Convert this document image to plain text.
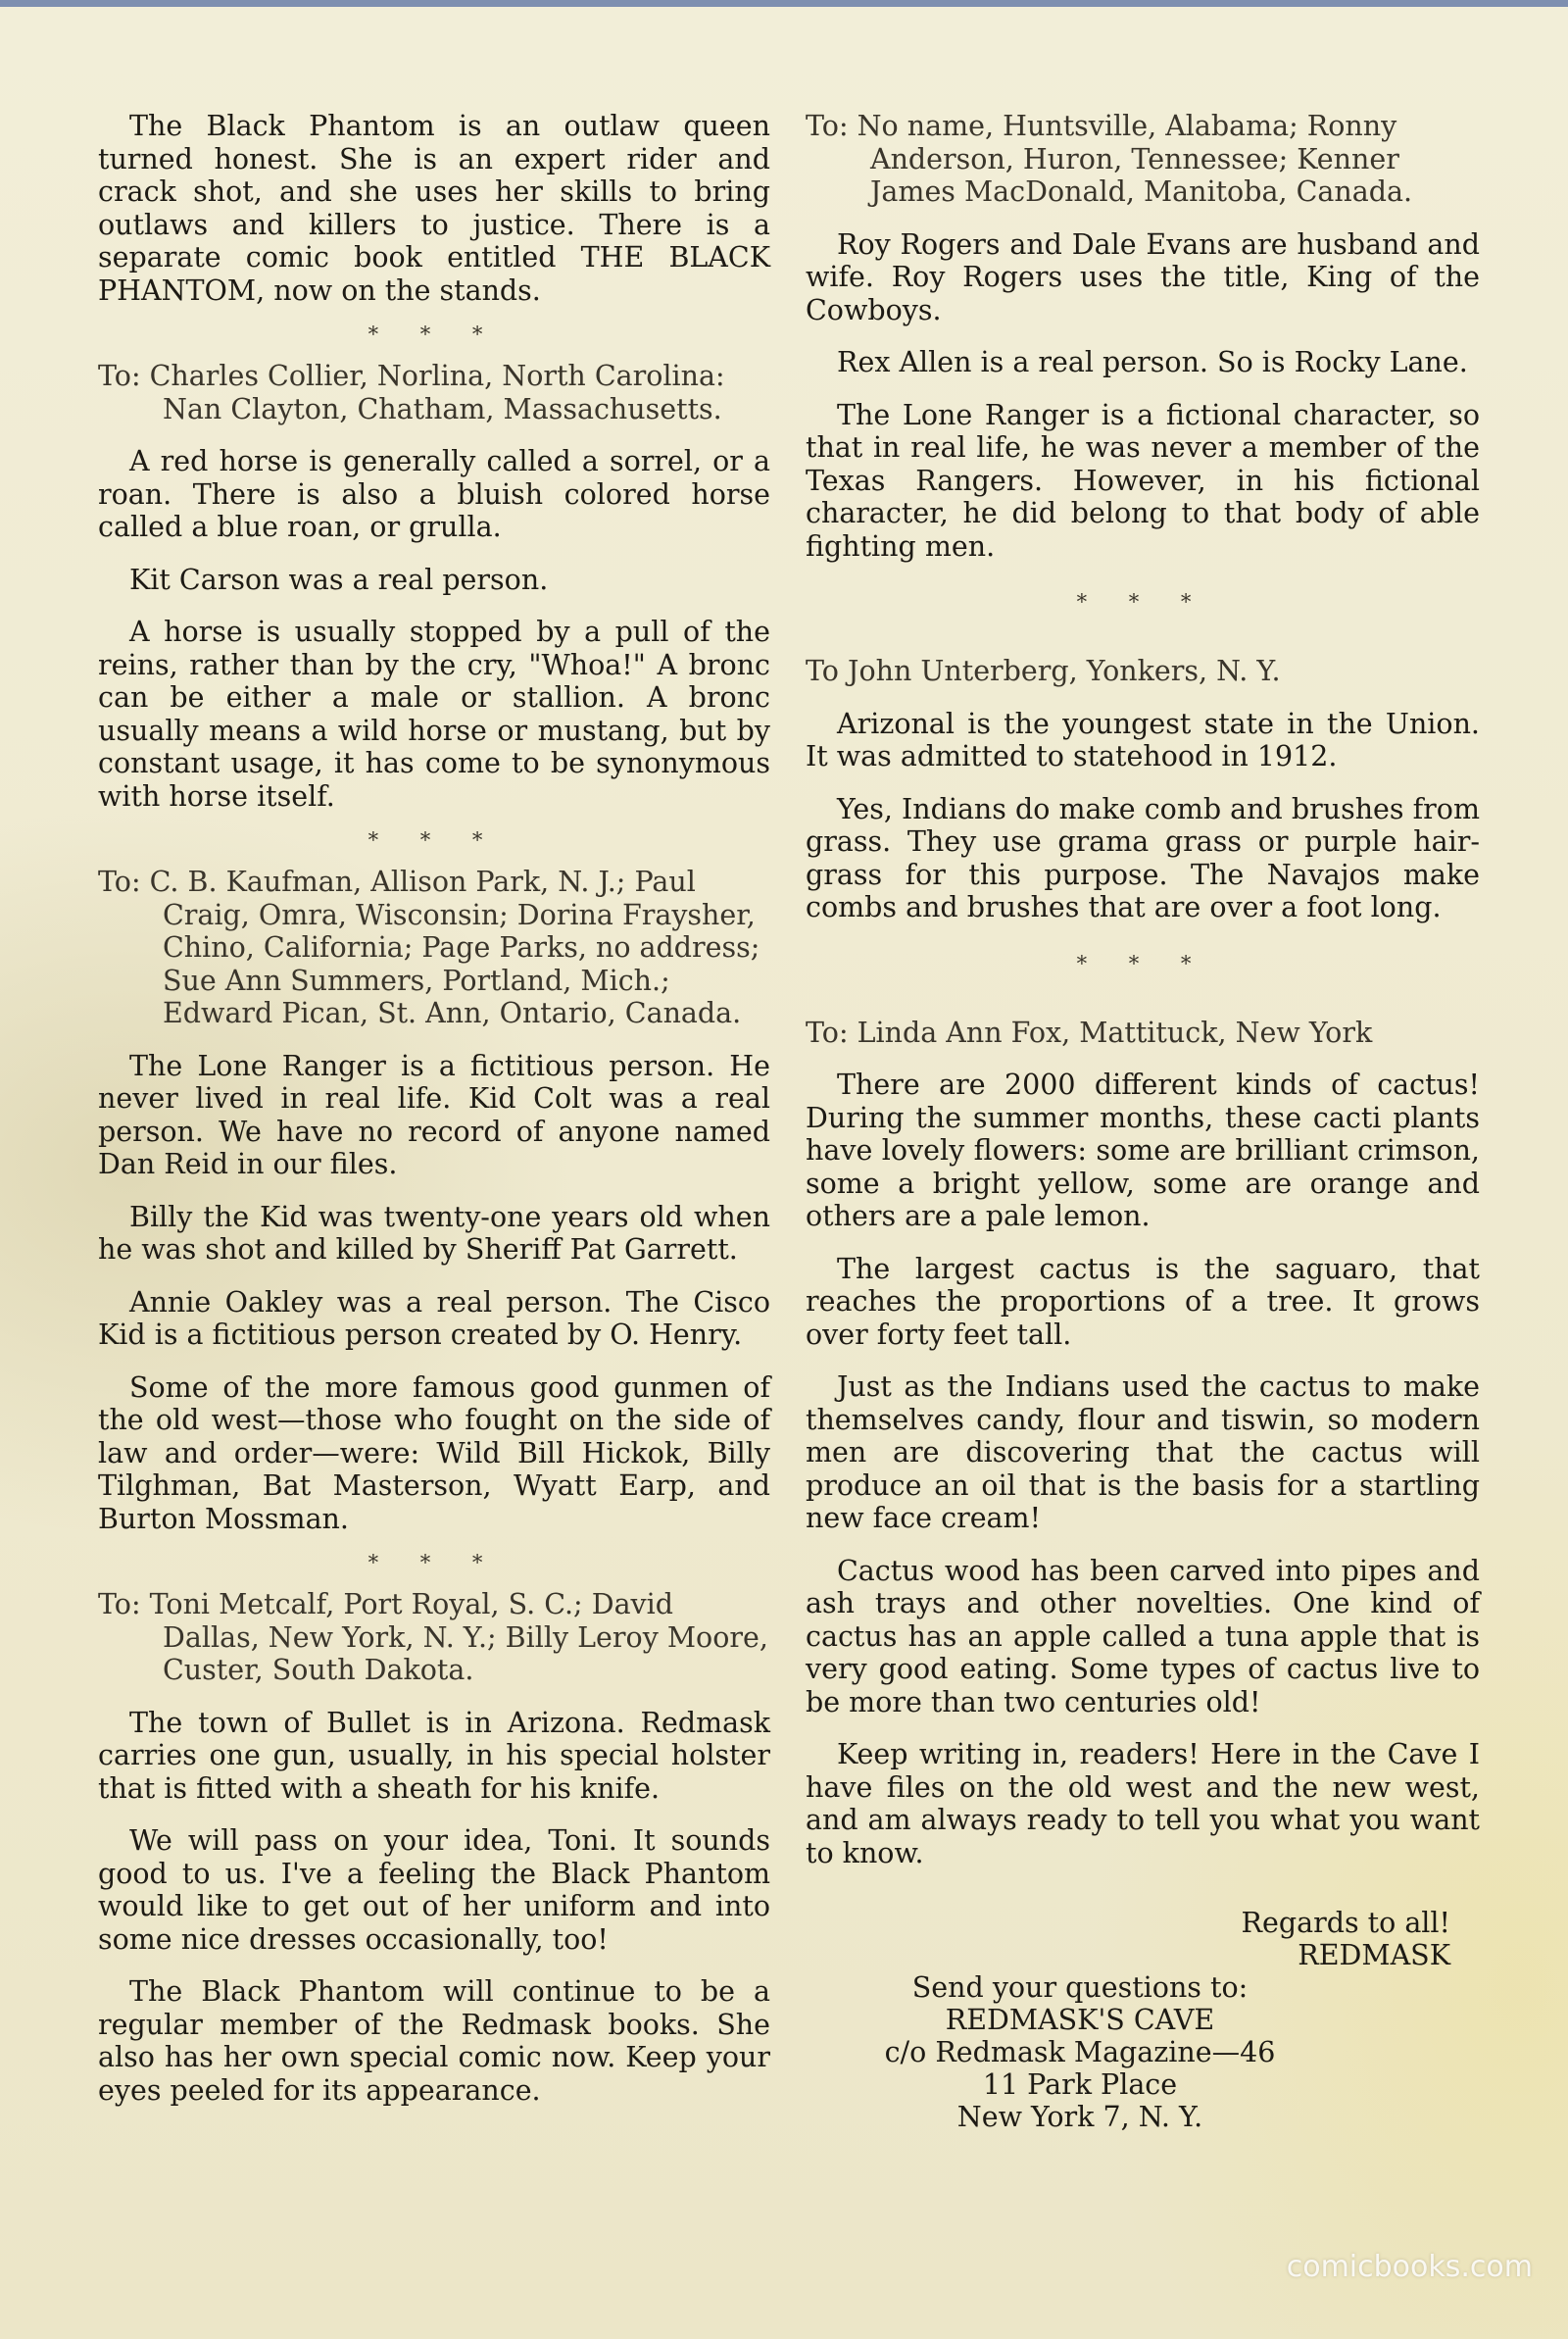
The Black Phantom is an outlaw queen turned honest. She is an expert rider and crack shot, and she uses her skills to bring outlaws and killers to justice. There is a separate comic book entitled THE BLACK PHANTOM, now on the stands.

* * *

To: Charles Collier, Norlina, North Carolina: Nan Clayton, Chatham, Massachusetts.

A red horse is generally called a sorrel, or a roan. There is also a bluish colored horse called a blue roan, or grulla.

Kit Carson was a real person.

A horse is usually stopped by a pull of the reins, rather than by the cry, "Whoa!" A bronc can be either a male or stallion. A bronc usually means a wild horse or mustang, but by constant usage, it has come to be synonymous with horse itself.

* * *

To: C. B. Kaufman, Allison Park, N. J.; Paul Craig, Omra, Wisconsin; Dorina Fraysher, Chino, California; Page Parks, no address; Sue Ann Summers, Portland, Mich.; Edward Pican, St. Ann, Ontario, Canada.

The Lone Ranger is a fictitious person. He never lived in real life. Kid Colt was a real person. We have no record of anyone named Dan Reid in our files.

Billy the Kid was twenty-one years old when he was shot and killed by Sheriff Pat Garrett.

Annie Oakley was a real person. The Cisco Kid is a fictitious person created by O. Henry.

Some of the more famous good gunmen of the old west—those who fought on the side of law and order—were: Wild Bill Hickok, Billy Tilghman, Bat Masterson, Wyatt Earp, and Burton Mossman.

* * *

To: Toni Metcalf, Port Royal, S. C.; David Dallas, New York, N. Y.; Billy Leroy Moore, Custer, South Dakota.

The town of Bullet is in Arizona. Redmask carries one gun, usually, in his special holster that is fitted with a sheath for his knife.

We will pass on your idea, Toni. It sounds good to us. I've a feeling the Black Phantom would like to get out of her uniform and into some nice dresses occasionally, too!

The Black Phantom will continue to be a regular member of the Redmask books. She also has her own special comic now. Keep your eyes peeled for its appearance.

To: No name, Huntsville, Alabama; Ronny Anderson, Huron, Tennessee; Kenner James MacDonald, Manitoba, Canada.

Roy Rogers and Dale Evans are husband and wife. Roy Rogers uses the title, King of the Cowboys.

Rex Allen is a real person. So is Rocky Lane.

The Lone Ranger is a fictional character, so that in real life, he was never a member of the Texas Rangers. However, in his fictional character, he did belong to that body of able fighting men.

* * *

To John Unterberg, Yonkers, N. Y.

Arizonal is the youngest state in the Union. It was admitted to statehood in 1912.

Yes, Indians do make comb and brushes from grass. They use grama grass or purple hair-grass for this purpose. The Navajos make combs and brushes that are over a foot long.

* * *

To: Linda Ann Fox, Mattituck, New York

There are 2000 different kinds of cactus! During the summer months, these cacti plants have lovely flowers: some are brilliant crimson, some a bright yellow, some are orange and others are a pale lemon.

The largest cactus is the saguaro, that reaches the proportions of a tree. It grows over forty feet tall.

Just as the Indians used the cactus to make themselves candy, flour and tiswin, so modern men are discovering that the cactus will produce an oil that is the basis for a startling new face cream!

Cactus wood has been carved into pipes and ash trays and other novelties. One kind of cactus has an apple called a tuna apple that is very good eating. Some types of cactus live to be more than two centuries old!

Keep writing in, readers! Here in the Cave I have files on the old west and the new west, and am always ready to tell you what you want to know.

Regards to all!
REDMASK
Send your questions to:
REDMASK'S CAVE
c/o Redmask Magazine—46
11 Park Place
New York 7, N. Y.
comicbooks.com
